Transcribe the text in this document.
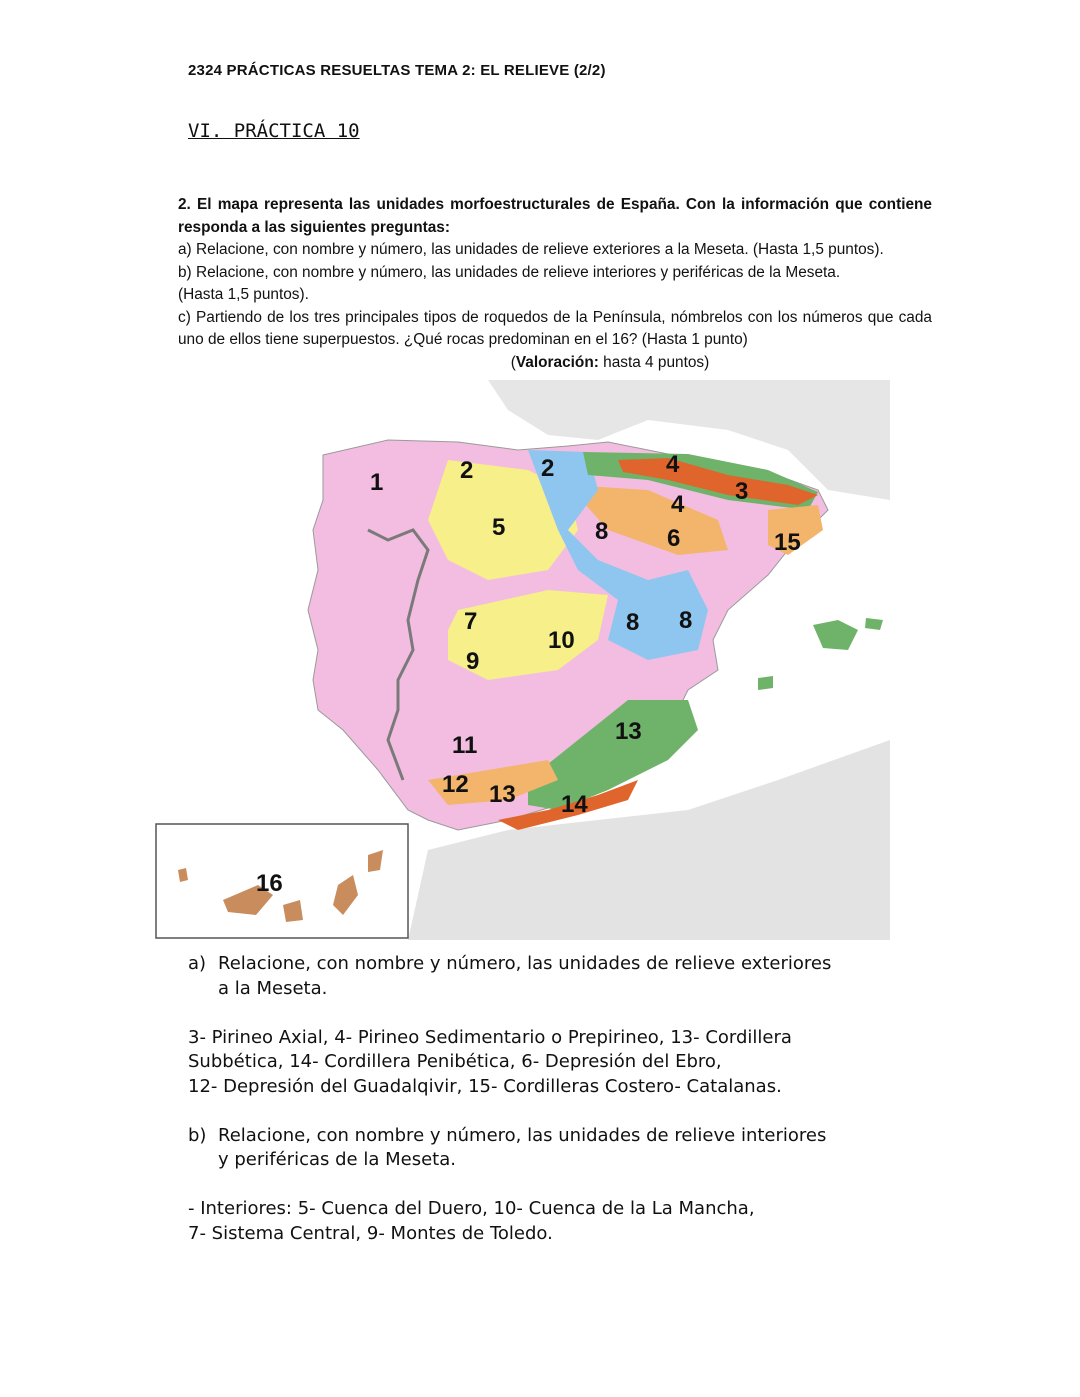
2324 PRÁCTICAS RESUELTAS TEMA 2: EL RELIEVE (2/2)
VI. PRÁCTICA 10

2. El mapa representa las unidades morfoestructurales de España. Con la información que contiene responda a las siguientes preguntas:

a) Relacione, con nombre y número, las unidades de relieve exteriores a la Meseta. (Hasta 1,5 puntos).

b) Relacione, con nombre y número, las unidades de relieve interiores y periféricas de la Meseta.

(Hasta 1,5 puntos).

c) Partiendo de los tres principales tipos de roquedos de la Península, nómbrelos con los números que cada uno de ellos tiene superpuestos. ¿Qué rocas predominan en el 16? (Hasta 1 punto)

(Valoración: hasta 4 puntos)

1	2	2	4
4 3
5	8 6	15
7	8 8
10
9
13
11
12 13 14
16
a) Relacione, con nombre y número, las unidades de relieve exteriores

a la Meseta.

3- Pirineo Axial, 4- Pirineo Sedimentario o Prepirineo, 13- Cordillera

Subbética, 14- Cordillera Penibética, 6- Depresión del Ebro,

12- Depresión del Guadalqivir, 15- Cordilleras Costero- Catalanas.

b) Relacione, con nombre y número, las unidades de relieve interiores

y periféricas de la Meseta.

- Interiores: 5- Cuenca del Duero, 10- Cuenca de la La Mancha,

7- Sistema Central, 9- Montes de Toledo.
